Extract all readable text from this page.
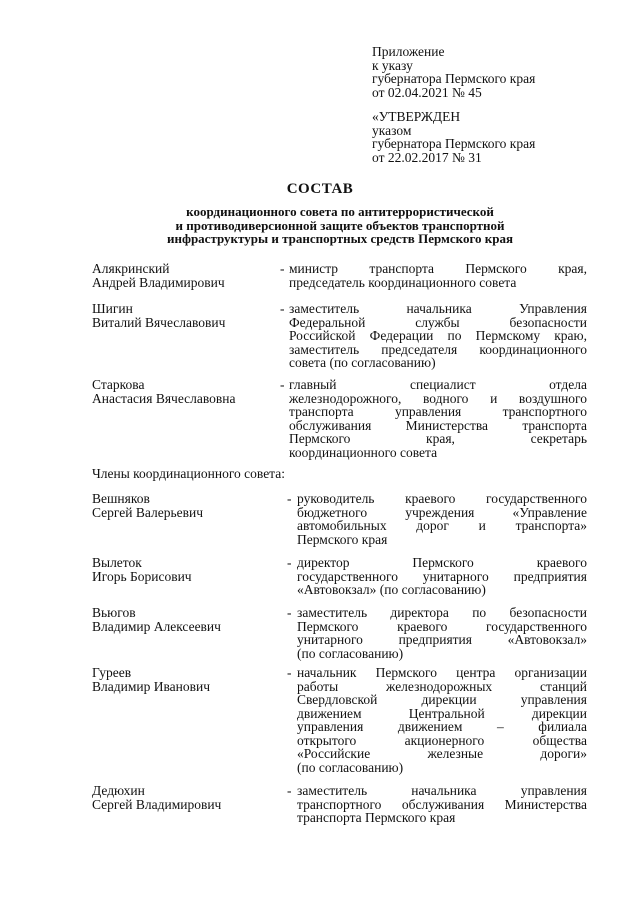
Приложение
к указу
губернатора Пермского края
от 02.04.2021 № 45
«УТВЕРЖДЕН
указом
губернатора Пермского края
от 22.02.2017 № 31
СОСТАВ
координационного совета по антитеррористической
и противодиверсионной защите объектов транспортной
инфраструктуры и транспортных средств Пермского края
Алякринский
Андрей Владимирович
- министр транспорта Пермского края,
председатель координационного совета
Шигин
Виталий Вячеславович
- заместитель начальника Управления
Федеральной службы безопасности
Российской Федерации по Пермскому краю,
заместитель председателя координационного
совета (по согласованию)
Старкова
Анастасия Вячеславовна
- главный специалист отдела
железнодорожного, водного и воздушного
транспорта управления транспортного
обслуживания Министерства транспорта
Пермского края, секретарь
координационного совета
Члены координационного совета:
Вешняков
Сергей Валерьевич
- руководитель краевого государственного
бюджетного учреждения «Управление
автомобильных дорог и транспорта»
Пермского края
Вылеток
Игорь Борисович
- директор Пермского краевого
государственного унитарного предприятия
«Автовокзал» (по согласованию)
Вьюгов
Владимир Алексеевич
- заместитель директора по безопасности
Пермского краевого государственного
унитарного предприятия «Автовокзал»
(по согласованию)
Гуреев
Владимир Иванович
- начальник Пермского центра организации
работы железнодорожных станций
Свердловской дирекции управления
движением Центральной дирекции
управления движением – филиала
открытого акционерного общества
«Российские железные дороги»
(по согласованию)
Дедюхин
Сергей Владимирович
- заместитель начальника управления
транспортного обслуживания Министерства
транспорта Пермского края
